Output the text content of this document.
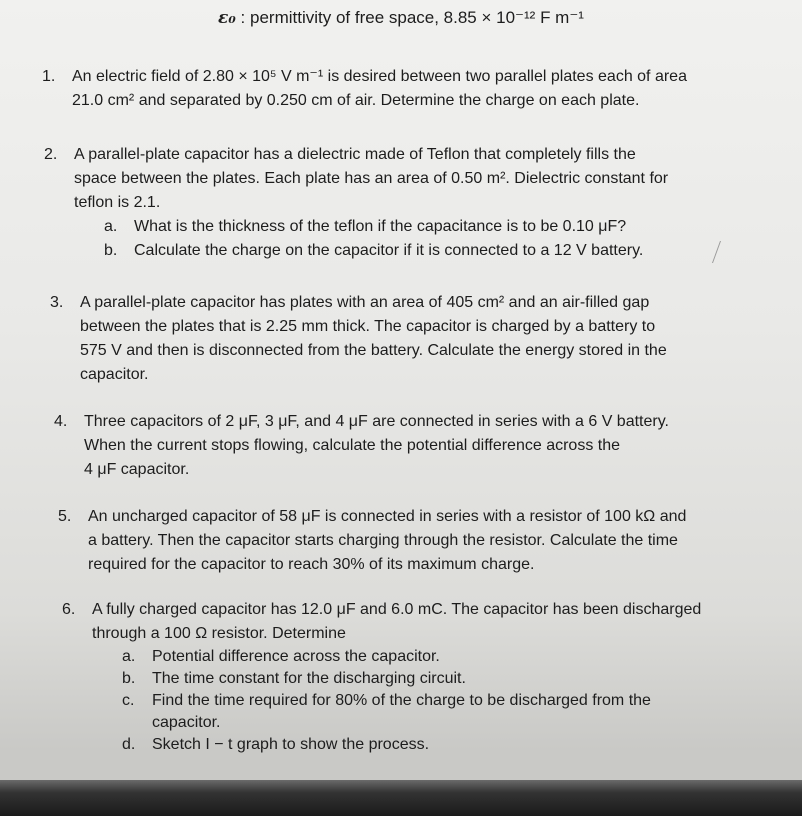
ε₀ : permittivity of free space, 8.85 × 10⁻¹² F m⁻¹
1. An electric field of 2.80 × 10⁵ V m⁻¹ is desired between two parallel plates each of area
21.0 cm² and separated by 0.250 cm of air. Determine the charge on each plate.
2. A parallel-plate capacitor has a dielectric made of Teflon that completely fills the
space between the plates. Each plate has an area of 0.50 m². Dielectric constant for
teflon is 2.1.
a. What is the thickness of the teflon if the capacitance is to be 0.10 μF?
b. Calculate the charge on the capacitor if it is connected to a 12 V battery.
3. A parallel-plate capacitor has plates with an area of 405 cm² and an air-filled gap
between the plates that is 2.25 mm thick. The capacitor is charged by a battery to
575 V and then is disconnected from the battery. Calculate the energy stored in the
capacitor.
4. Three capacitors of 2 μF, 3 μF, and 4 μF are connected in series with a 6 V battery.
When the current stops flowing, calculate the potential difference across the
4 μF capacitor.
5. An uncharged capacitor of 58 μF is connected in series with a resistor of 100 kΩ and
a battery. Then the capacitor starts charging through the resistor. Calculate the time
required for the capacitor to reach 30% of its maximum charge.
6. A fully charged capacitor has 12.0 μF and 6.0 mC. The capacitor has been discharged
through a 100 Ω resistor. Determine
a. Potential difference across the capacitor.
b. The time constant for the discharging circuit.
c. Find the time required for 80% of the charge to be discharged from the
capacitor.
d. Sketch I − t graph to show the process.
